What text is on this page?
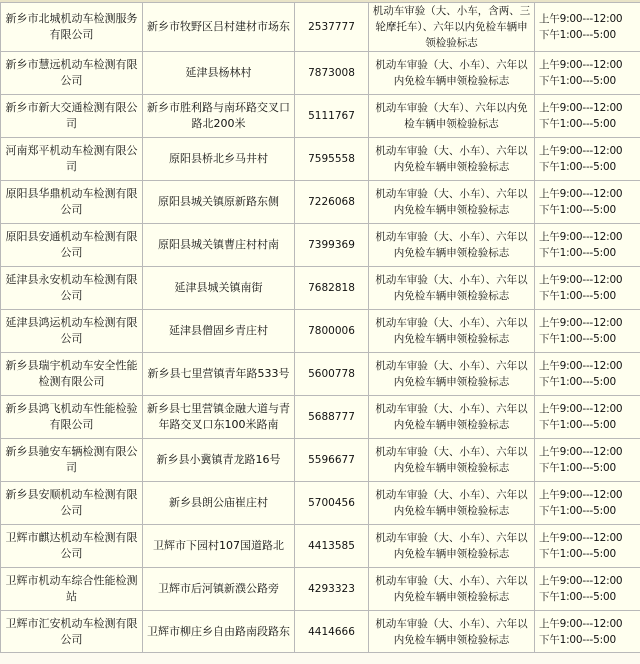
新乡市北城机动车检测服务有限公司	新乡市牧野区吕村建材市场东	2537777	机动车审验（大、小车，含两、三轮摩托车）、六年以内免检车辆申领检验标志	上午9:00---12:00
下午1:00---5:00

新乡市慧远机动车检测有限公司	延津县杨林村	7873008	机动车审验（大、小车）、六年以内免检车辆申领检验标志	上午9:00---12:00
下午1:00---5:00

新乡市新大交通检测有限公司	新乡市胜利路与南环路交叉口路北200米	5111767	机动车审验（大车）、六年以内免检车辆申领检验标志	上午9:00---12:00
下午1:00---5:00

河南郑平机动车检测有限公司	原阳县桥北乡马井村	7595558	机动车审验（大、小车）、六年以内免检车辆申领检验标志	上午9:00---12:00
下午1:00---5:00

原阳县华鼎机动车检测有限公司	原阳县城关镇原新路东侧	7226068	机动车审验（大、小车）、六年以内免检车辆申领检验标志	上午9:00---12:00
下午1:00---5:00

原阳县安通机动车检测有限公司	原阳县城关镇曹庄村村南	7399369	机动车审验（大、小车）、六年以内免检车辆申领检验标志	上午9:00---12:00
下午1:00---5:00

延津县永安机动车检测有限公司	延津县城关镇南街	7682818	机动车审验（大、小车）、六年以内免检车辆申领检验标志	上午9:00---12:00
下午1:00---5:00

延津县鸿运机动车检测有限公司	延津县僧固乡青庄村	7800006	机动车审验（大、小车）、六年以内免检车辆申领检验标志	上午9:00---12:00
下午1:00---5:00

新乡县瑞宇机动车安全性能检测有限公司	新乡县七里营镇青年路533号	5600778	机动车审验（大、小车）、六年以内免检车辆申领检验标志	上午9:00---12:00
下午1:00---5:00

新乡县鸿飞机动车性能检验有限公司	新乡县七里营镇金融大道与青年路交叉口东100米路南	5688777	机动车审验（大、小车）、六年以内免检车辆申领检验标志	上午9:00---12:00
下午1:00---5:00

新乡县驰安车辆检测有限公司	新乡县小冀镇青龙路16号	5596677	机动车审验（大、小车）、六年以内免检车辆申领检验标志	上午9:00---12:00
下午1:00---5:00

新乡县安顺机动车检测有限公司	新乡县朗公庙崔庄村	5700456	机动车审验（大、小车）、六年以内免检车辆申领检验标志	上午9:00---12:00
下午1:00---5:00

卫辉市麒达机动车检测有限公司	卫辉市下园村107国道路北	4413585	机动车审验（大、小车）、六年以内免检车辆申领检验标志	上午9:00---12:00
下午1:00---5:00

卫辉市机动车综合性能检测站	卫辉市后河镇新濮公路旁	4293323	机动车审验（大、小车）、六年以内免检车辆申领检验标志	上午9:00---12:00
下午1:00---5:00

卫辉市汇安机动车检测有限公司	卫辉市柳庄乡自由路南段路东	4414666	机动车审验（大、小车）、六年以内免检车辆申领检验标志	上午9:00---12:00
下午1:00---5:00
